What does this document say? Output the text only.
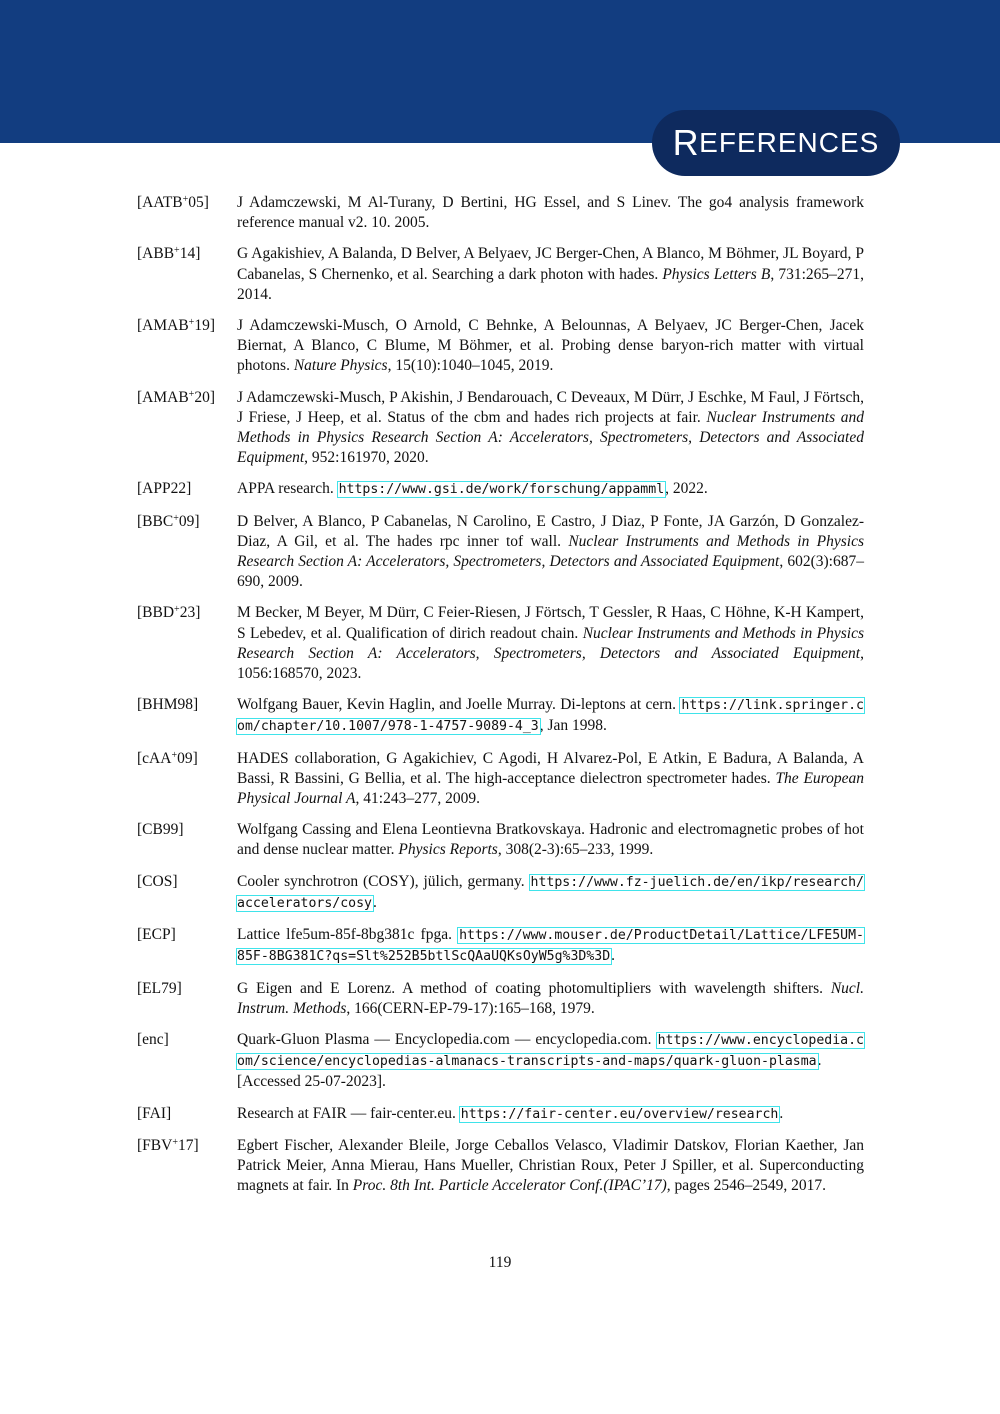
R EFERENCES
[AATB+05] J Adamczewski, M Al-Turany, D Bertini, HG Essel, and S Linev. The go4 analysis framework reference manual v2. 10. 2005.
[ABB+14] G Agakishiev, A Balanda, D Belver, A Belyaev, JC Berger-Chen, A Blanco, M Böhmer, JL Boyard, P Cabanelas, S Chernenko, et al. Searching a dark photon with hades. Physics Letters B, 731:265–271, 2014.
[AMAB+19] J Adamczewski-Musch, O Arnold, C Behnke, A Belounnas, A Belyaev, JC Berger-Chen, Jacek Biernat, A Blanco, C Blume, M Böhmer, et al. Probing dense baryon-rich matter with virtual photons. Nature Physics, 15(10):1040–1045, 2019.
[AMAB+20] J Adamczewski-Musch, P Akishin, J Bendarouach, C Deveaux, M Dürr, J Eschke, M Faul, J Förtsch, J Friese, J Heep, et al. Status of the cbm and hades rich projects at fair. Nuclear Instruments and Methods in Physics Research Section A: Accelerators, Spectrometers, Detectors and Associated Equipment, 952:161970, 2020.
[APP22]	APPA research. https://www.gsi.de/work/forschung/appamml, 2022.
[BBC+09] D Belver, A Blanco, P Cabanelas, N Carolino, E Castro, J Diaz, P Fonte, JA Garzón, D Gonzalez-Diaz, A Gil, et al. The hades rpc inner tof wall. Nuclear Instruments and Methods in Physics Research Section A: Accelerators, Spectrometers, Detectors and Associated Equipment, 602(3):687–690, 2009.
[BBD+23] M Becker, M Beyer, M Dürr, C Feier-Riesen, J Förtsch, T Gessler, R Haas, C Höhne, K-H Kampert, S Lebedev, et al. Qualification of dirich readout chain. Nuclear Instruments and Methods in Physics Research Section A: Accelerators, Spectrometers, Detectors and Associated Equipment, 1056:168570, 2023.
[BHM98]	Wolfgang Bauer, Kevin Haglin, and Joelle Murray. Di-leptons at cern. https://link.springer.com/chapter/10.1007/978-1-4757-9089-4_3, Jan 1998.
[cAA+09]	HADES collaboration, G Agakichiev, C Agodi, H Alvarez-Pol, E Atkin, E Badura, A Balanda, A Bassi, R Bassini, G Bellia, et al. The high-acceptance dielectron spectrometer hades. The European Physical Journal A, 41:243–277, 2009.
[CB99]	Wolfgang Cassing and Elena Leontievna Bratkovskaya. Hadronic and electromagnetic probes of hot and dense nuclear matter. Physics Reports, 308(2-3):65–233, 1999.
[COS]	Cooler synchrotron (COSY), jülich, germany. https://www.fz-juelich.de/en/ikp/research/accelerators/cosy.
[ECP]	Lattice lfe5um-85f-8bg381c fpga. https://www.mouser.de/ProductDetail/Lattice/LFE5UM-85F-8BG381C?qs=Slt%252B5btlScQAaUQKsOyW5g%3D%3D.
[EL79]	G Eigen and E Lorenz. A method of coating photomultipliers with wavelength shifters. Nucl. Instrum. Methods, 166(CERN-EP-79-17):165–168, 1979.
[enc]	Quark-Gluon Plasma — Encyclopedia.com — encyclopedia.com. https://www.encyclopedia.com/science/encyclopedias-almanacs-transcripts-and-maps/quark-gluon-plasma. [Accessed 25-07-2023].
[FAI]	Research at FAIR — fair-center.eu. https://fair-center.eu/overview/research.
[FBV+17] Egbert Fischer, Alexander Bleile, Jorge Ceballos Velasco, Vladimir Datskov, Florian Kaether, Jan Patrick Meier, Anna Mierau, Hans Mueller, Christian Roux, Peter J Spiller, et al. Superconducting magnets at fair. In Proc. 8th Int. Particle Accelerator Conf.(IPAC’17), pages 2546–2549, 2017.
119
